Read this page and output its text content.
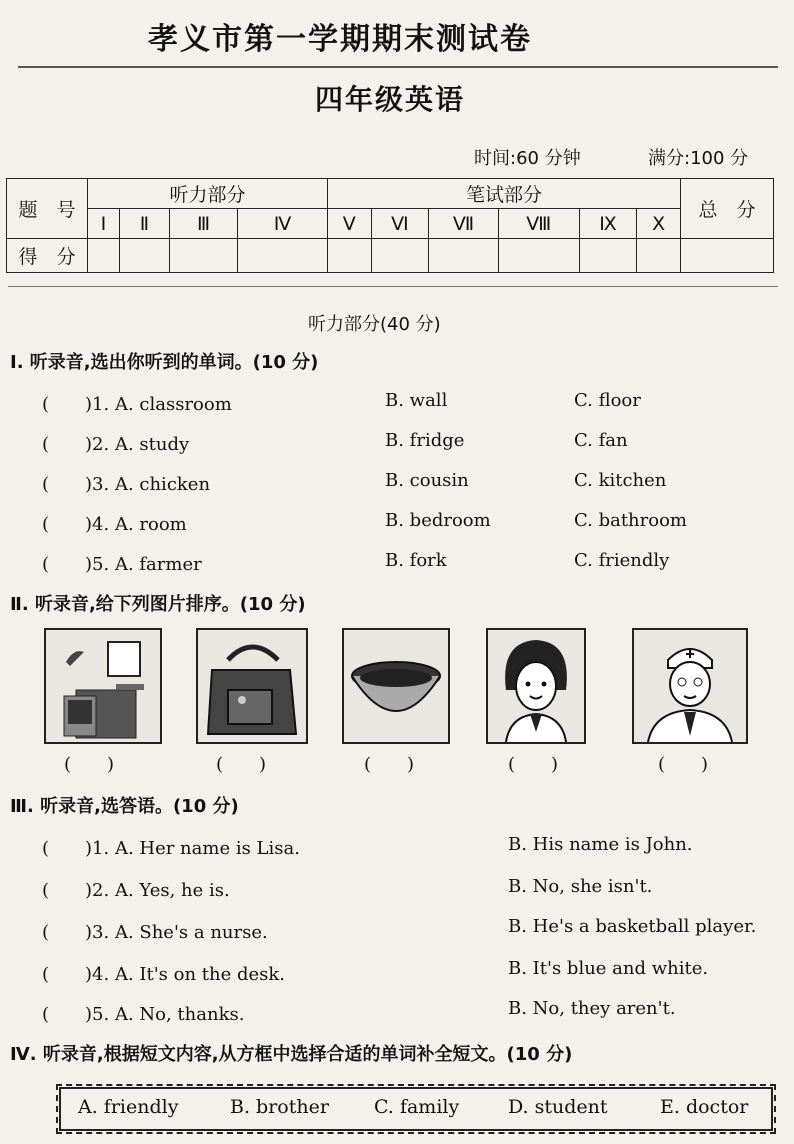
孝义市第一学期期末测试卷
四年级英语
时间:60 分钟	满分:100 分
题　号	听力部分				笔试部分						总　分
	Ⅰ	Ⅱ	Ⅲ	Ⅳ	Ⅴ	Ⅵ	Ⅶ	Ⅷ	Ⅸ	Ⅹ	
得　分											
听力部分(40 分)
Ⅰ. 听录音,选出你听到的单词。(10 分)
(　　)1. A. classroom	B. wall	C. floor
(　　)2. A. study	B. fridge	C. fan
(　　)3. A. chicken	B. cousin	C. kitchen
(　　)4. A. room	B. bedroom	C. bathroom
(　　)5. A. farmer	B. fork	C. friendly
Ⅱ. 听录音,给下列图片排序。(10 分)
(　　)	(　　)	(　　)	(　　)	(　　)
Ⅲ. 听录音,选答语。(10 分)
(　　)1. A. Her name is Lisa.	B. His name is John.
(　　)2. A. Yes, he is.	B. No, she isn't.
(　　)3. A. She's a nurse.	B. He's a basketball player.
(　　)4. A. It's on the desk.	B. It's blue and white.
(　　)5. A. No, thanks.	B. No, they aren't.
Ⅳ. 听录音,根据短文内容,从方框中选择合适的单词补全短文。(10 分)
A. friendly	B. brother C. family	D. student	E. doctor
